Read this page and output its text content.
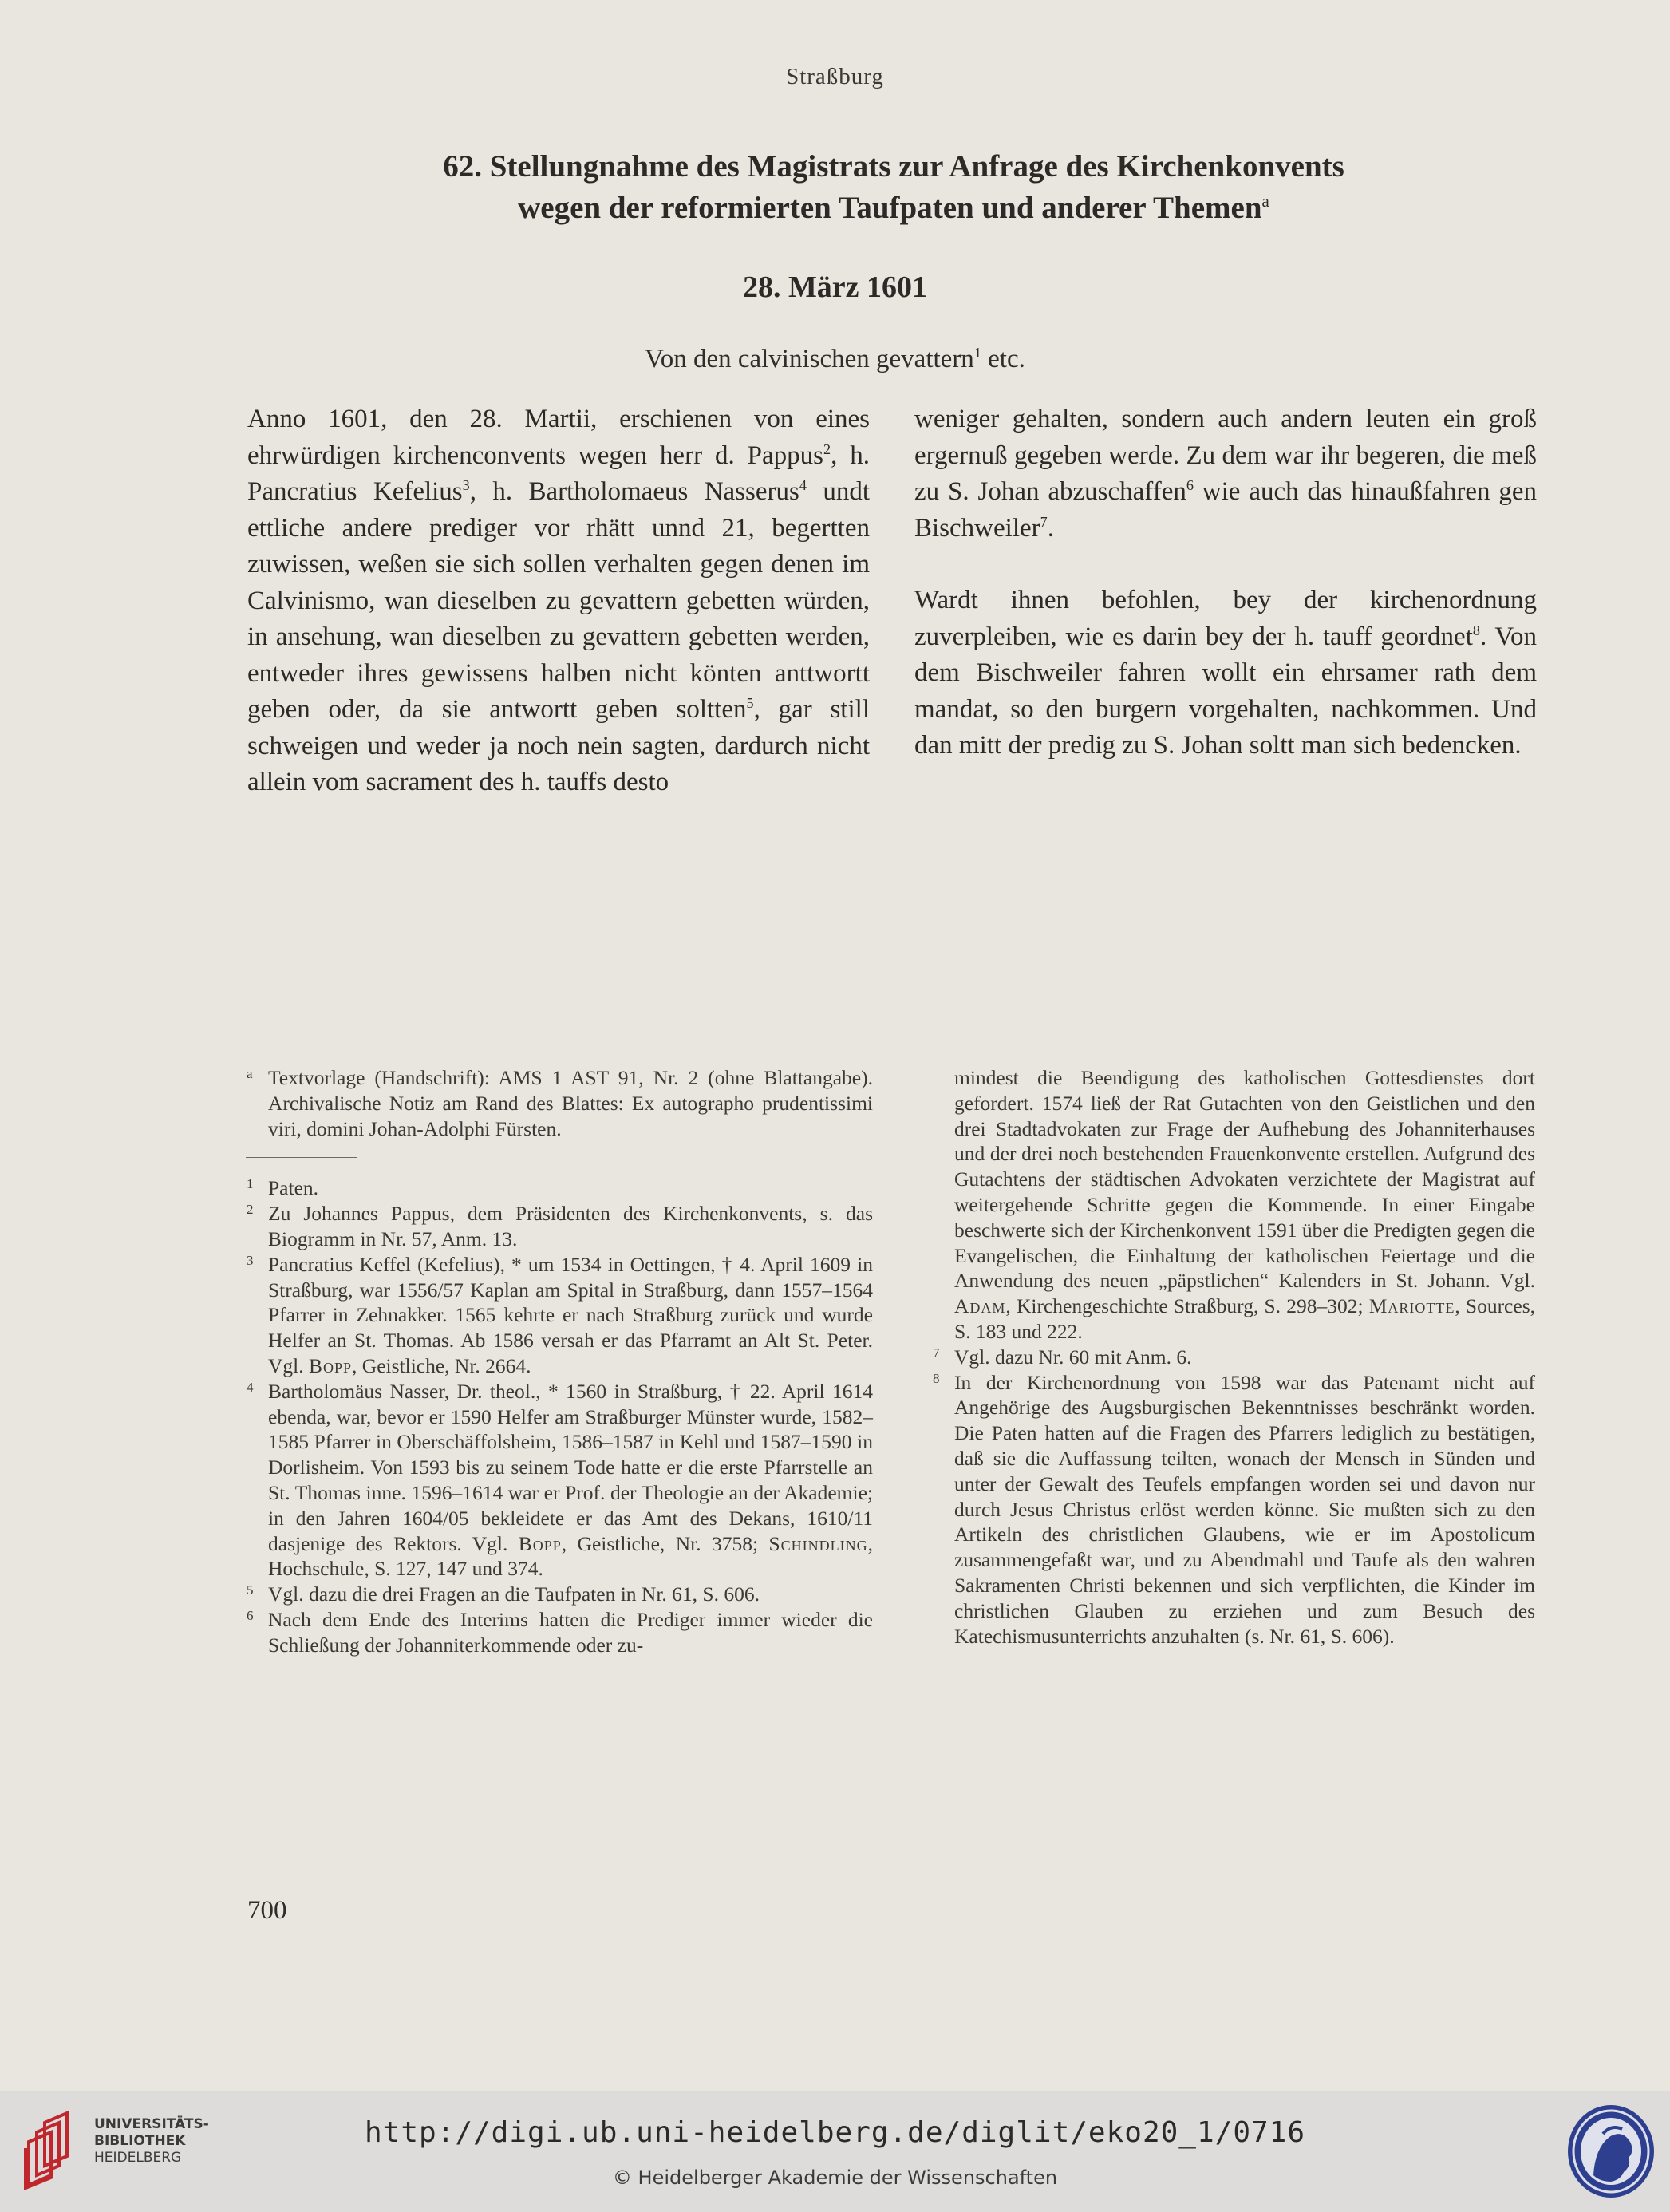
Straßburg
62. Stellungnahme des Magistrats zur Anfrage des Kirchenkonvents
wegen der reformierten Taufpaten und anderer Themen$^a$
28. März 1601
Von den calvinischen gevattern$^1$ etc.

Anno 1601, den 28. Martii, erschienen von eines ehrwürdigen kirchenconvents wegen herr d. Pappus$^2$, h. Pancratius Kefelius$^3$, h. Bartholomaeus Nasserus$^4$ undt ettliche andere prediger vor rhätt unnd 21, begertten zuwissen, weßen sie sich sollen verhalten gegen denen im Calvinismo, wan dieselben zu gevattern gebetten würden, in ansehung, wan dieselben zu gevattern gebetten werden, entweder ihres gewissens halben nicht könten anttwortt geben oder, da sie antwortt geben soltten$^5$, gar still schweigen und weder ja noch nein sagten, dardurch nicht allein vom sacrament des h. tauffs desto

weniger gehalten, sondern auch andern leuten ein groß ergernuß gegeben werde. Zu dem war ihr begeren, die meß zu S. Johan abzuschaffen$^6$ wie auch das hinaußfahren gen Bischweiler$^7$.

Wardt ihnen befohlen, bey der kirchenordnung zuverpleiben, wie es darin bey der h. tauff geordnet$^8$. Von dem Bischweiler fahren wollt ein ehrsamer rath dem mandat, so den burgern vorgehalten, nachkommen. Und dan mitt der predig zu S. Johan soltt man sich bedencken.

a Textvorlage (Handschrift): AMS 1 AST 91, Nr. 2 (ohne Blattangabe). Archivalische Notiz am Rand des Blattes: Ex autographo prudentissimi viri, domini Johan-Adolphi Fürsten.

1 Paten.

2 Zu Johannes Pappus, dem Präsidenten des Kirchenkonvents, s. das Biogramm in Nr. 57, Anm. 13.

3 Pancratius Keffel (Kefelius), * um 1534 in Oettingen, † 4. April 1609 in Straßburg, war 1556/57 Kaplan am Spital in Straßburg, dann 1557–1564 Pfarrer in Zehnakker. 1565 kehrte er nach Straßburg zurück und wurde Helfer an St. Thomas. Ab 1586 versah er das Pfarramt an Alt St. Peter. Vgl. Bopp, Geistliche, Nr. 2664.

4 Bartholomäus Nasser, Dr. theol., * 1560 in Straßburg, † 22. April 1614 ebenda, war, bevor er 1590 Helfer am Straßburger Münster wurde, 1582–1585 Pfarrer in Oberschäffolsheim, 1586–1587 in Kehl und 1587–1590 in Dorlisheim. Von 1593 bis zu seinem Tode hatte er die erste Pfarrstelle an St. Thomas inne. 1596–1614 war er Prof. der Theologie an der Akademie; in den Jahren 1604/05 bekleidete er das Amt des Dekans, 1610/11 dasjenige des Rektors. Vgl. Bopp, Geistliche, Nr. 3758; Schindling, Hochschule, S. 127, 147 und 374.

5 Vgl. dazu die drei Fragen an die Taufpaten in Nr. 61, S. 606.

6 Nach dem Ende des Interims hatten die Prediger immer wieder die Schließung der Johanniterkommende oder zu-

mindest die Beendigung des katholischen Gottesdienstes dort gefordert. 1574 ließ der Rat Gutachten von den Geistlichen und den drei Stadtadvokaten zur Frage der Aufhebung des Johanniterhauses und der drei noch bestehenden Frauenkonvente erstellen. Aufgrund des Gutachtens der städtischen Advokaten verzichtete der Magistrat auf weitergehende Schritte gegen die Kommende. In einer Eingabe beschwerte sich der Kirchenkonvent 1591 über die Predigten gegen die Evangelischen, die Einhaltung der katholischen Feiertage und die Anwendung des neuen „päpstlichen“ Kalenders in St. Johann. Vgl. Adam, Kirchengeschichte Straßburg, S. 298–302; Mariotte, Sources, S. 183 und 222.

7 Vgl. dazu Nr. 60 mit Anm. 6.

8 In der Kirchenordnung von 1598 war das Patenamt nicht auf Angehörige des Augsburgischen Bekenntnisses beschränkt worden. Die Paten hatten auf die Fragen des Pfarrers lediglich zu bestätigen, daß sie die Auffassung teilten, wonach der Mensch in Sünden und unter der Gewalt des Teufels empfangen worden sei und davon nur durch Jesus Christus erlöst werden könne. Sie mußten sich zu den Artikeln des christlichen Glaubens, wie er im Apostolicum zusammengefaßt war, und zu Abendmahl und Taufe als den wahren Sakramenten Christi bekennen und sich verpflichten, die Kinder im christlichen Glauben zu erziehen und zum Besuch des Katechismusunterrichts anzuhalten (s. Nr. 61, S. 606).

700
UNIVERSITÄTS-
BIBLIOTHEK
HEIDELBERG
http://digi.ub.uni-heidelberg.de/diglit/eko20_1/0716
© Heidelberger Akademie der Wissenschaften
